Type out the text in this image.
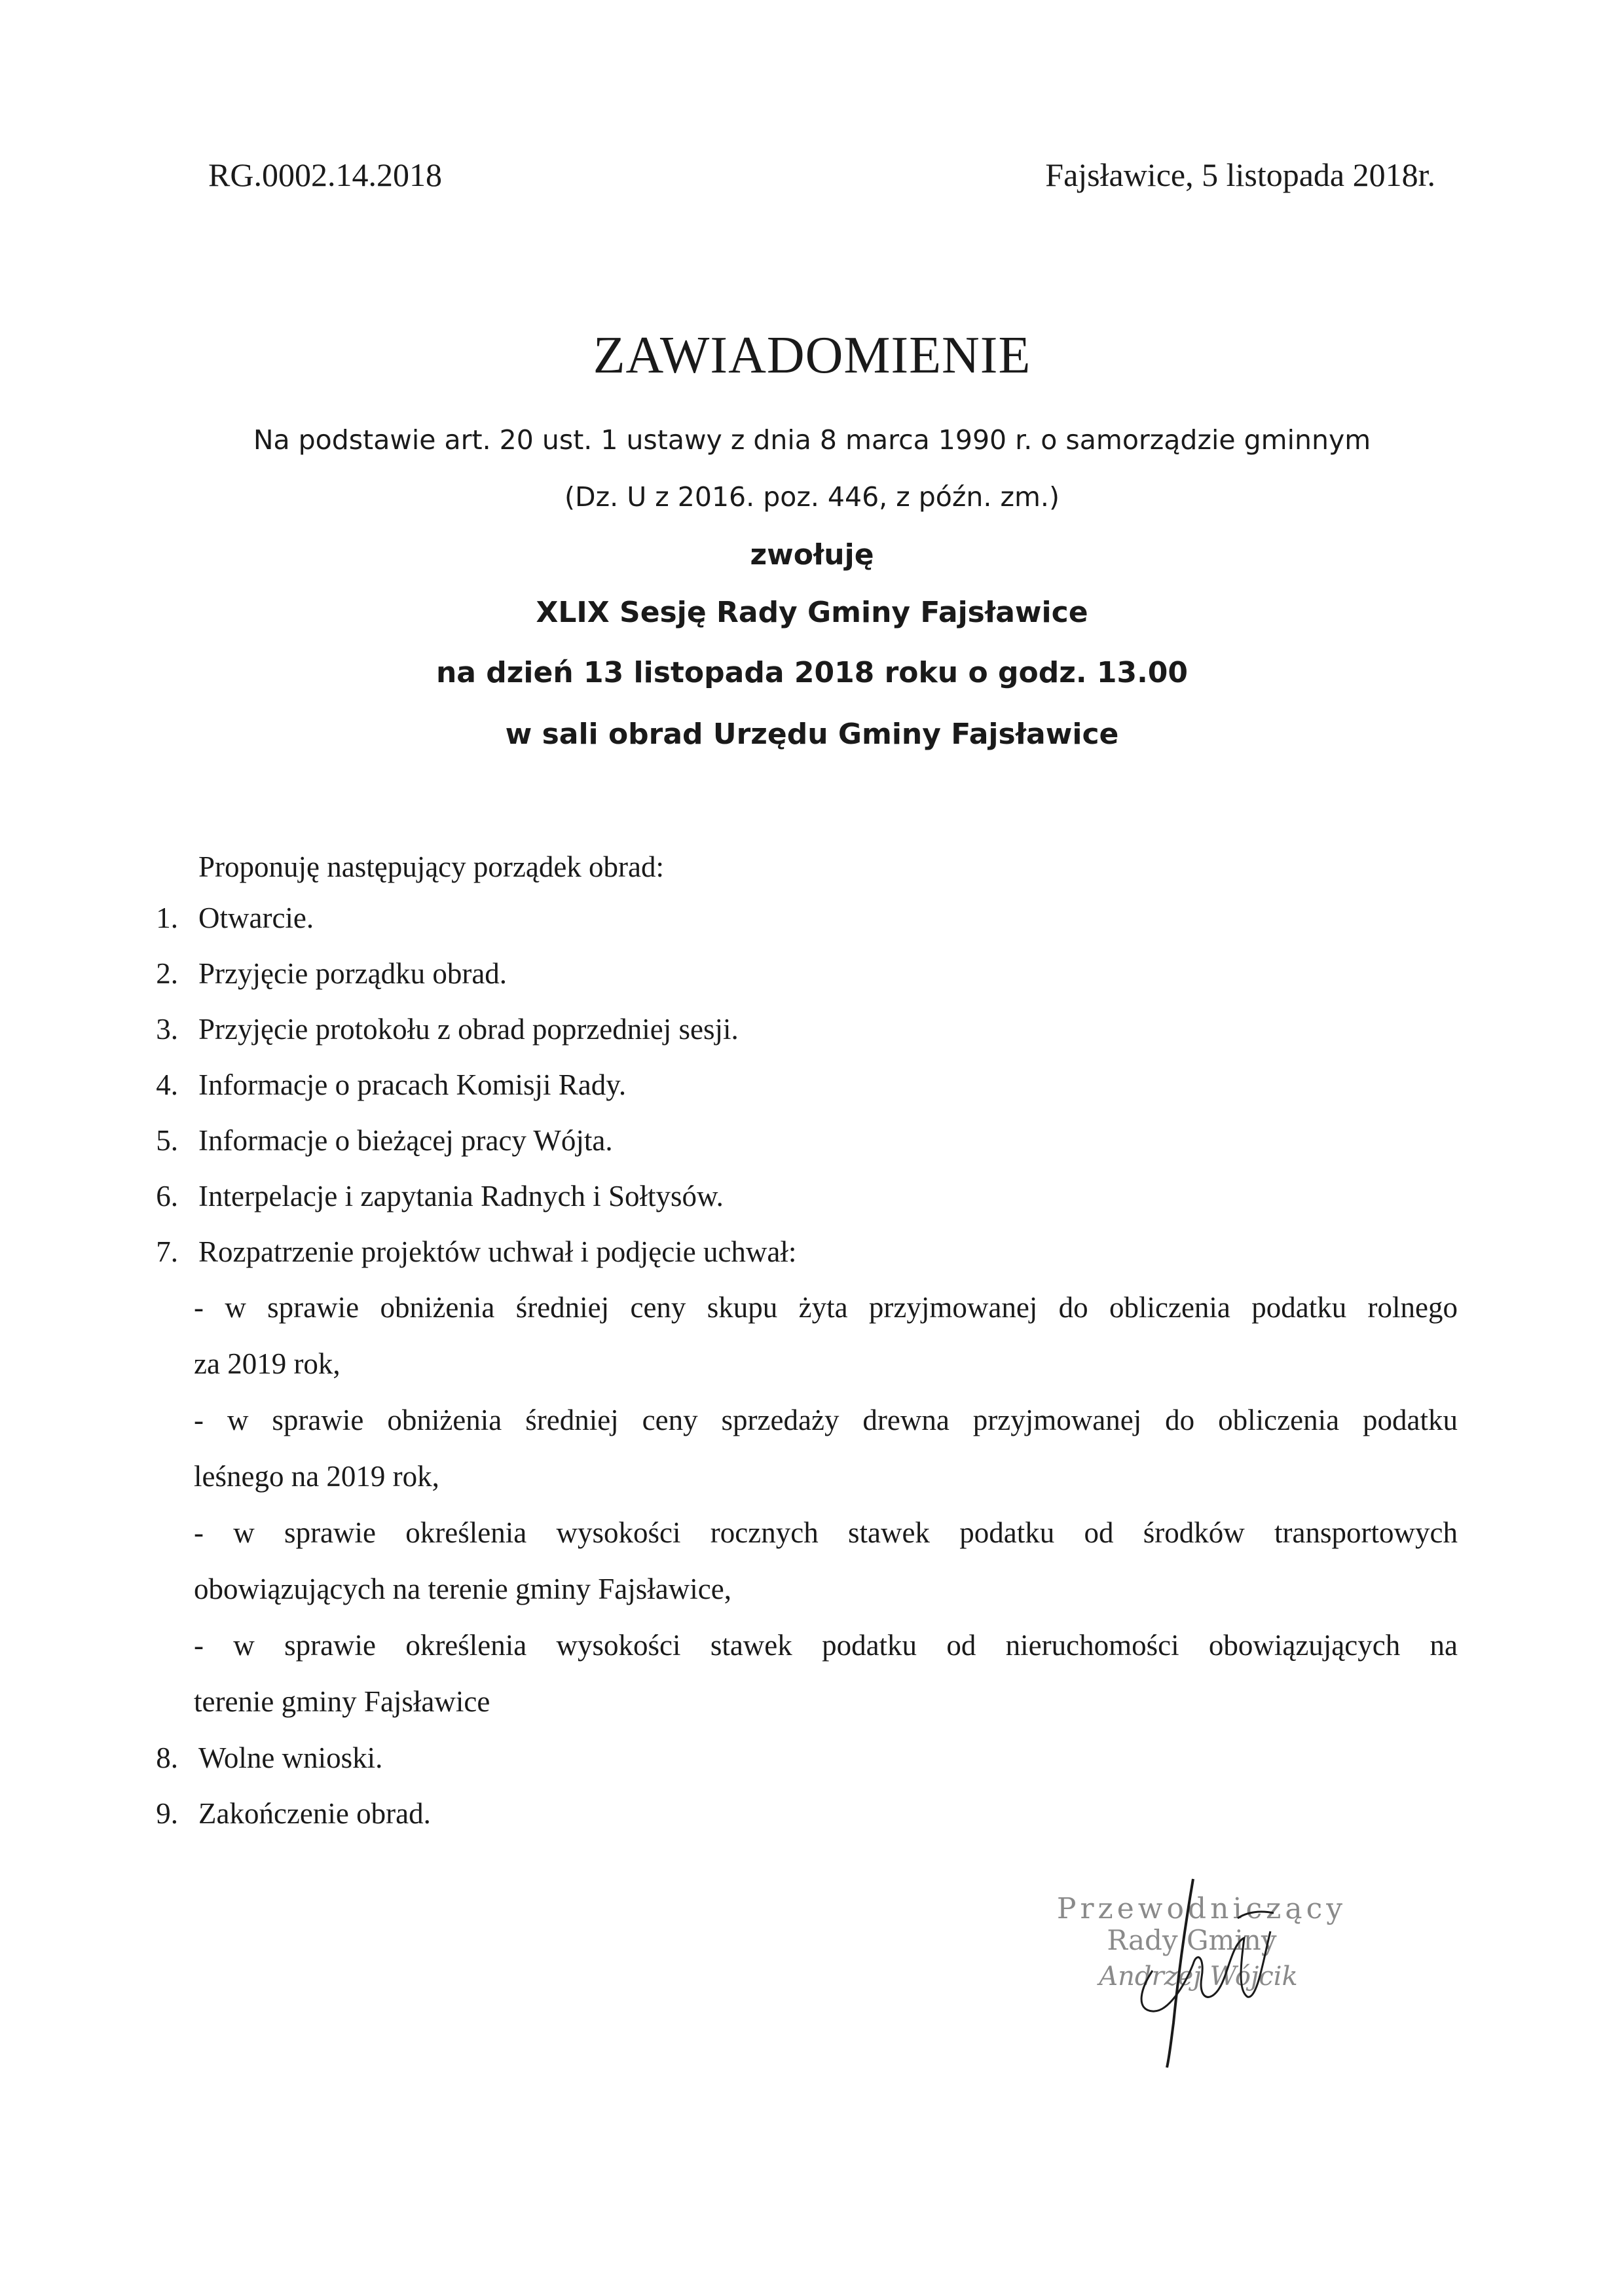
RG.0002.14.2018	Fajsławice, 5 listopada 2018r.
ZAWIADOMIENIE
Na podstawie art. 20 ust. 1 ustawy z dnia 8 marca 1990 r. o samorządzie gminnym
(Dz. U z 2016. poz. 446, z późn. zm.)
zwołuję
XLIX Sesję Rady Gminy Fajsławice
na dzień 13 listopada 2018 roku o godz. 13.00
w sali obrad Urzędu Gminy Fajsławice
Proponuję następujący porządek obrad:
1. Otwarcie.
2. Przyjęcie porządku obrad.
3. Przyjęcie protokołu z obrad poprzedniej sesji.
4. Informacje o pracach Komisji Rady.
5. Informacje o bieżącej pracy Wójta.
6. Interpelacje i zapytania Radnych i Sołtysów.
7. Rozpatrzenie projektów uchwał i podjęcie uchwał:
- w sprawie obniżenia średniej ceny skupu żyta przyjmowanej do obliczenia podatku rolnego
za 2019 rok,
- w sprawie obniżenia średniej ceny sprzedaży drewna przyjmowanej do obliczenia podatku
leśnego na 2019 rok,
- w sprawie określenia wysokości rocznych stawek podatku od środków transportowych
obowiązujących na terenie gminy Fajsławice,
- w sprawie określenia wysokości stawek podatku od nieruchomości obowiązujących na
terenie gminy Fajsławice
8. Wolne wnioski.
9. Zakończenie obrad.
Przewodniczący
Rady Gminy
Andrzej Wójcik
